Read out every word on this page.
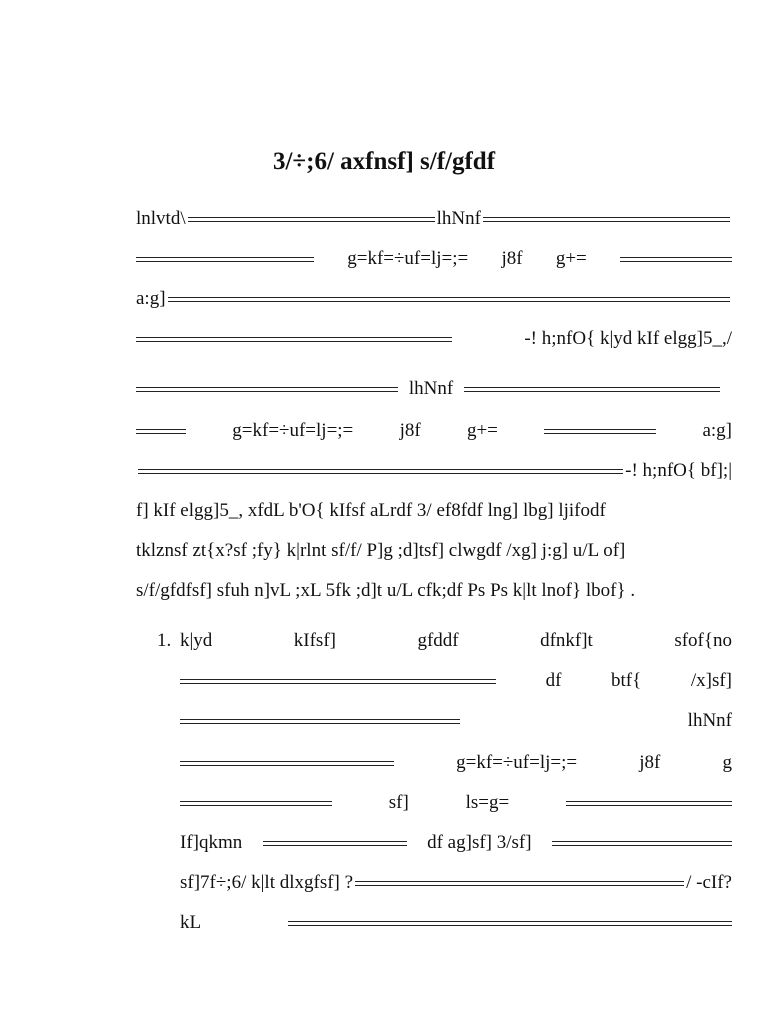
3/÷;6/ axfnsf] s/f/gfdf
lnlvtd\	lhNnf
g=kf=÷uf=lj=;= j8f g+=
a:g]
-! h;nfO{ k|yd kIf elgg]5_,/
lhNnf
g=kf=÷uf=lj=;= j8f g+=	a:g]
-! h;nfO{ bf];|
f] kIf elgg]5_, xfdL b'O{ kIfsf aLrdf 3/ ef8fdf lng] lbg] ljifodf
tklznsf zt{x?sf ;fy} k|rlnt sf/f/ P]g ;d]tsf] clwgdf /xg] j:g] u/L of]
s/f/gfdfsf] sfuh n]vL ;xL 5fk ;d]t u/L cfk;df Ps Ps k|lt lnof} lbof} .
1. k|yd	kIfsf]	gfddf	dfnkf]t	sfof{no
df	btf{	/x]sf]
lhNnf
g=kf=÷uf=lj=;=	j8f	g
sf]	ls=g=
If]qkmn	df ag]sf] 3/sf]
sf]7f÷;6/ k|lt dlxgfsf] ?	/ -cIf?
kL
